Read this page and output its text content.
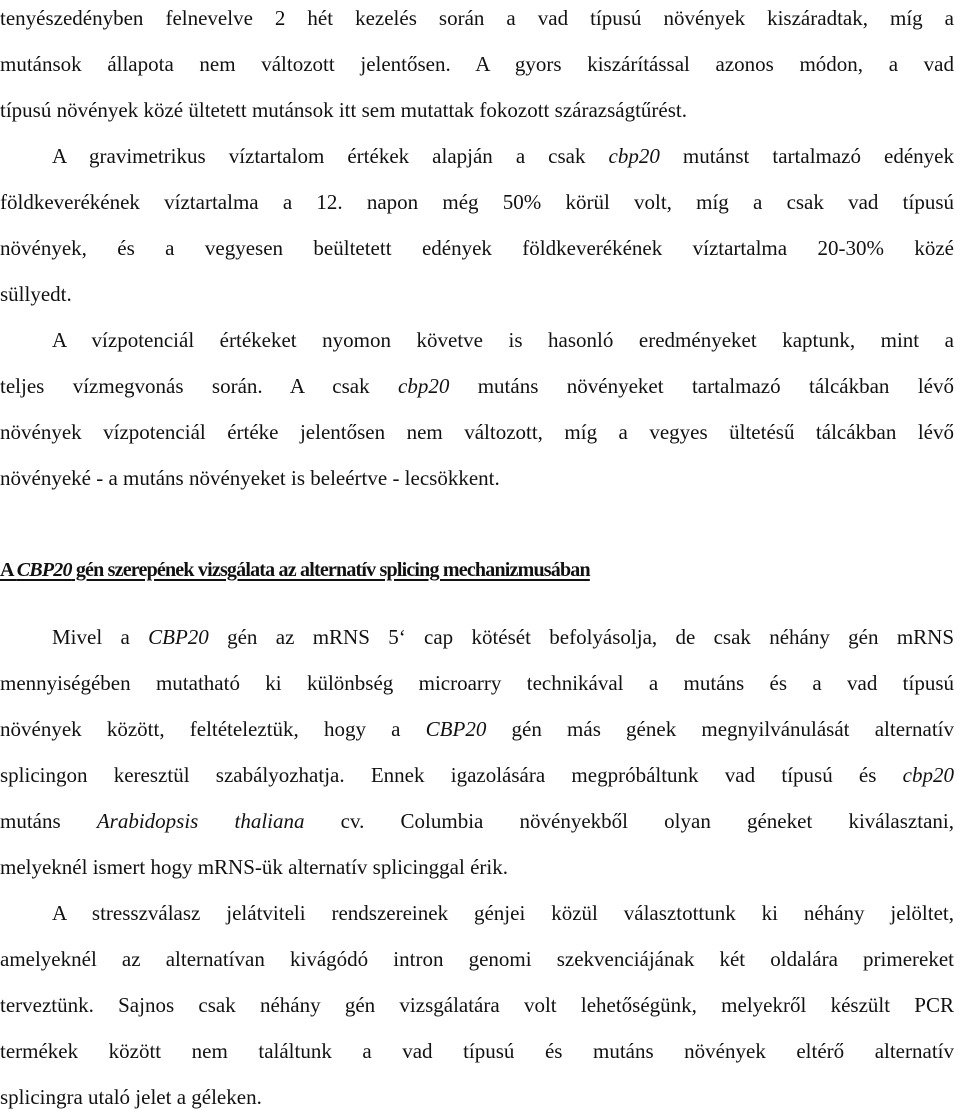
tenyészedényben felnevelve 2 hét kezelés során a vad típusú növények kiszáradtak, míg a
mutánsok állapota nem változott jelentősen. A gyors kiszárítással azonos módon, a vad
típusú növények közé ültetett mutánsok itt sem mutattak fokozott szárazságtűrést.
A gravimetrikus víztartalom értékek alapján a csak cbp20 mutánst tartalmazó edények
földkeverékének víztartalma a 12. napon még 50% körül volt, míg a csak vad típusú
növények, és a vegyesen beültetett edények földkeverékének víztartalma 20-30% közé
süllyedt.
A vízpotenciál értékeket nyomon követve is hasonló eredményeket kaptunk, mint a
teljes vízmegvonás során. A csak cbp20 mutáns növényeket tartalmazó tálcákban lévő
növények vízpotenciál értéke jelentősen nem változott, míg a vegyes ültetésű tálcákban lévő
növényeké - a mutáns növényeket is beleértve - lecsökkent.
A CBP20 gén szerepének vizsgálata az alternatív splicing mechanizmusában
Mivel a CBP20 gén az mRNS 5‘ cap kötését befolyásolja, de csak néhány gén mRNS
mennyiségében mutatható ki különbség microarry technikával a mutáns és a vad típusú
növények között, feltételeztük, hogy a CBP20 gén más gének megnyilvánulását alternatív
splicingon keresztül szabályozhatja. Ennek igazolására megpróbáltunk vad típusú és cbp20
mutáns Arabidopsis thaliana cv. Columbia növényekből olyan géneket kiválasztani,
melyeknél ismert hogy mRNS-ük alternatív splicinggal érik.
A stresszválasz jelátviteli rendszereinek génjei közül választottunk ki néhány jelöltet,
amelyeknél az alternatívan kivágódó intron genomi szekvenciájának két oldalára primereket
terveztünk. Sajnos csak néhány gén vizsgálatára volt lehetőségünk, melyekről készült PCR
termékek között nem találtunk a vad típusú és mutáns növények eltérő alternatív
splicingra utaló jelet a géleken.
